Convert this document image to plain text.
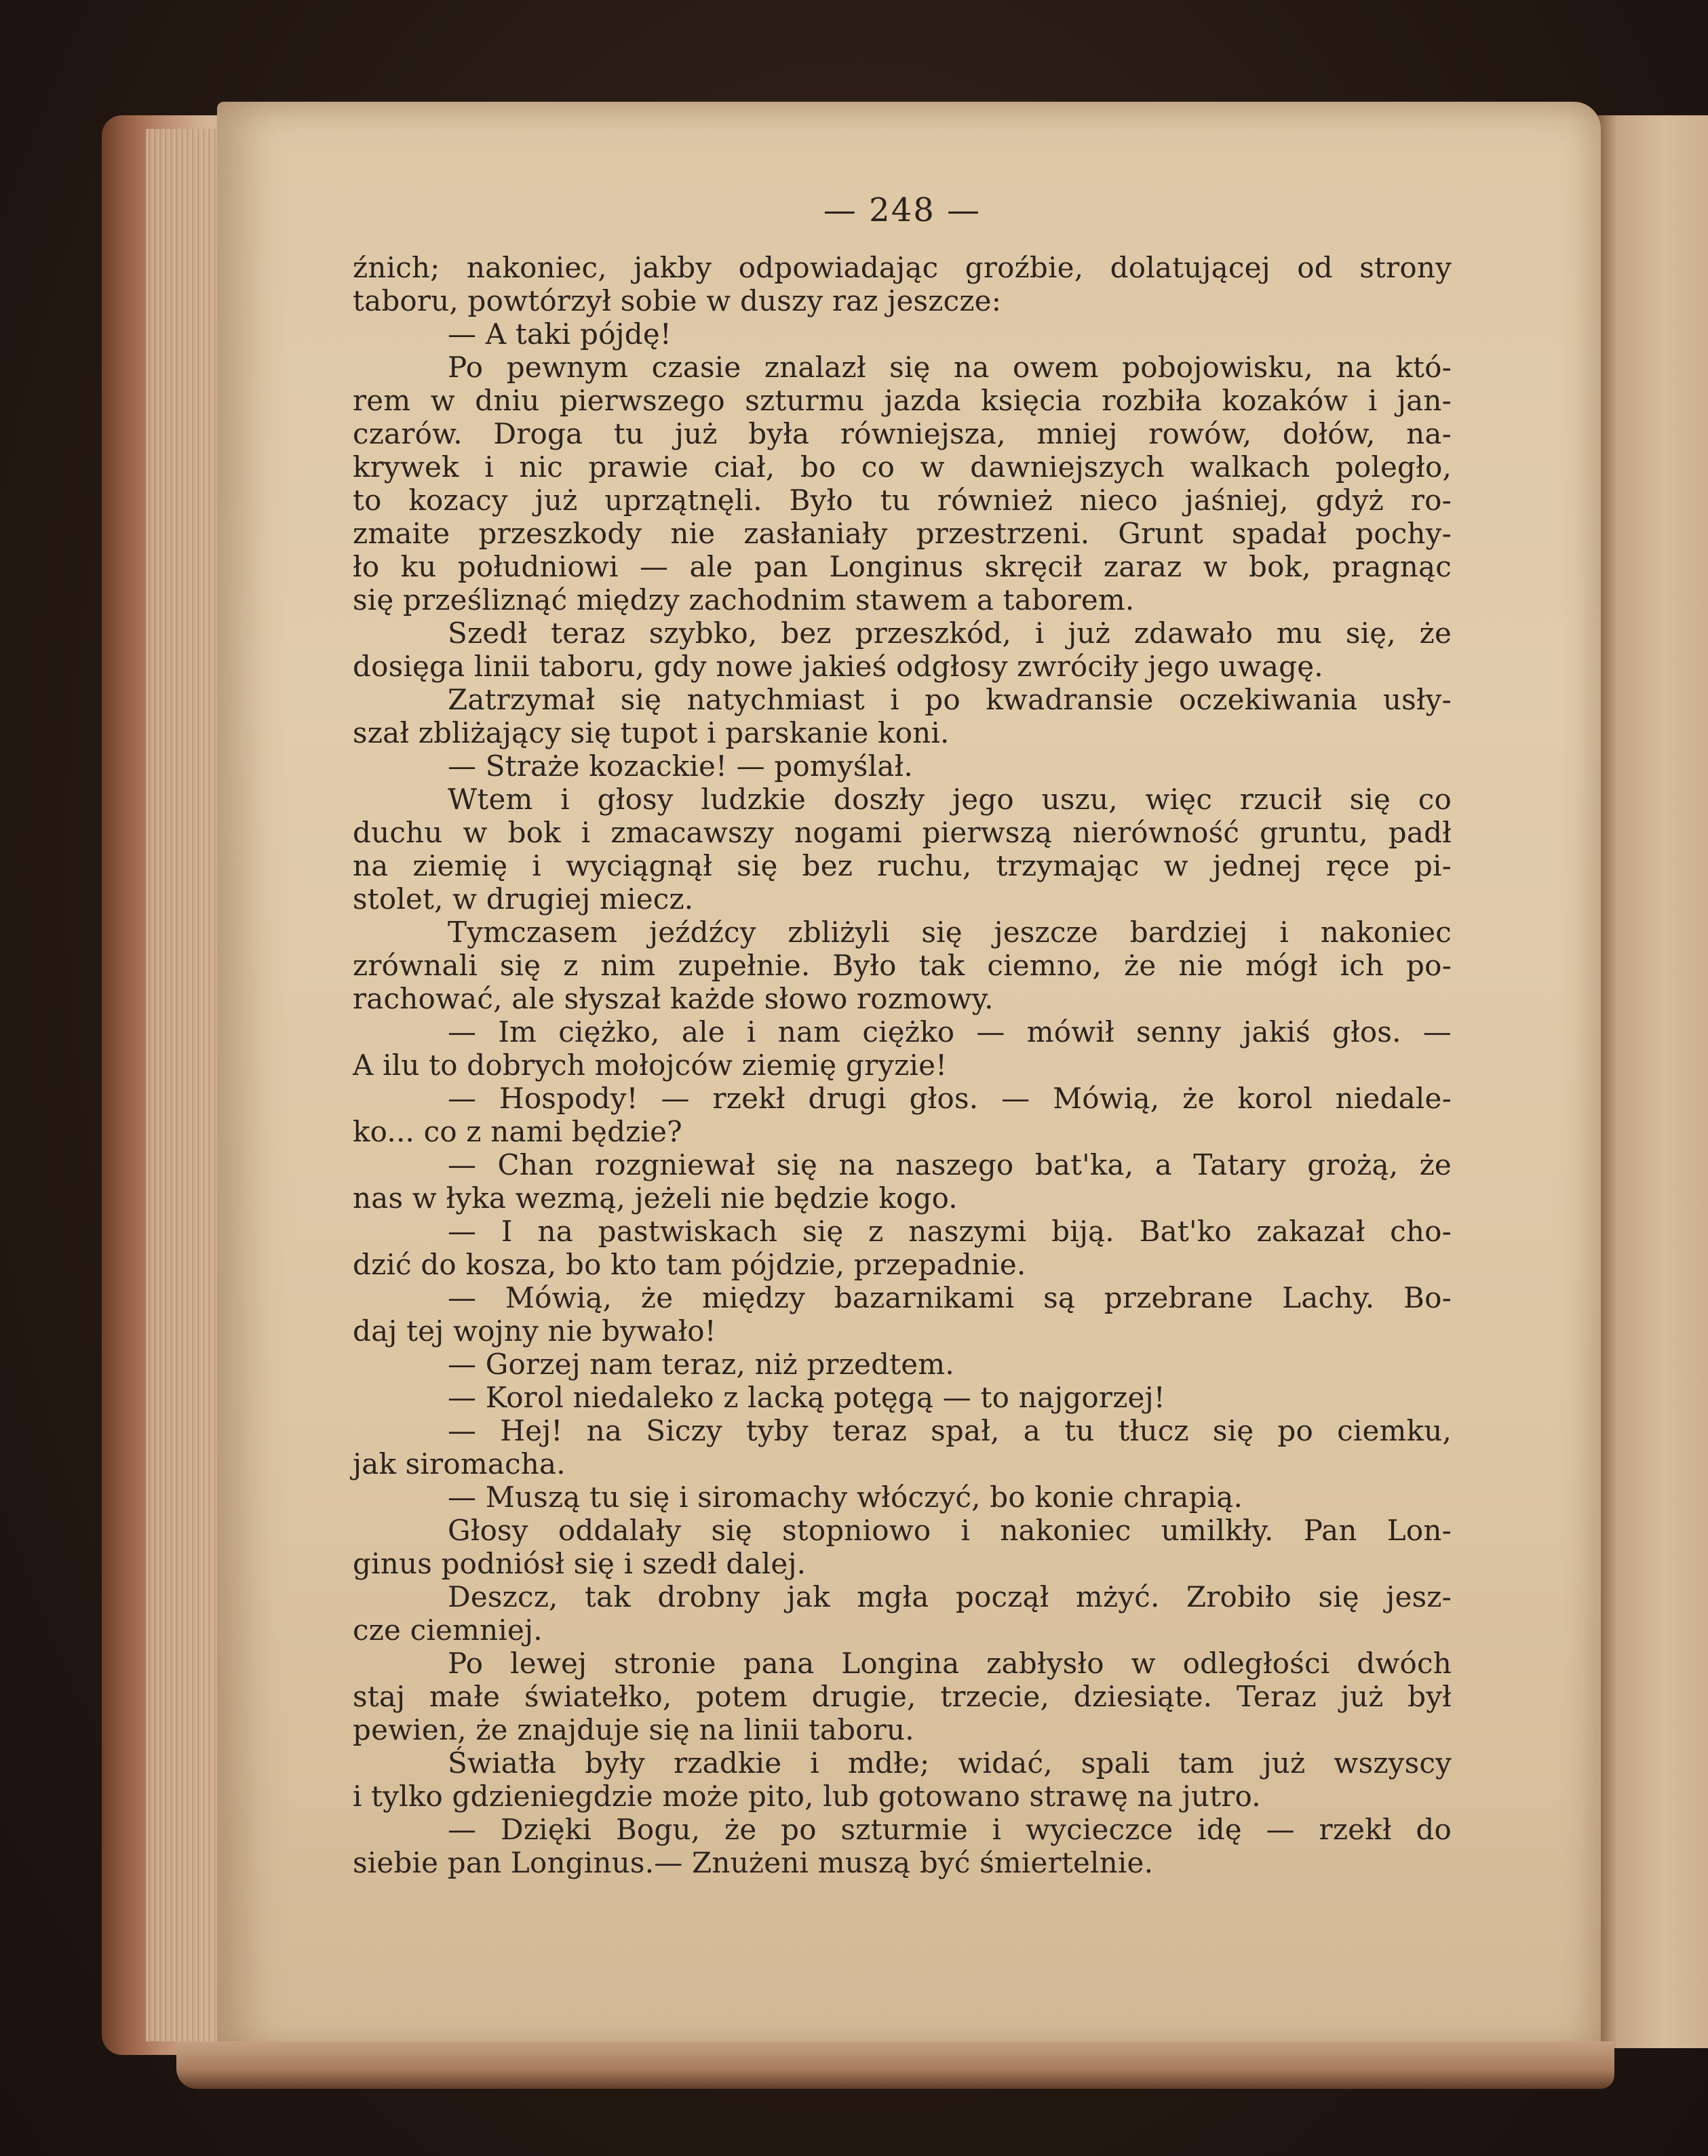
— 248 —
źnich; nakoniec, jakby odpowiadając groźbie, dolatującej od strony
taboru, powtórzył sobie w duszy raz jeszcze:
— A taki pójdę!
Po pewnym czasie znalazł się na owem pobojowisku, na któ-
rem w dniu pierwszego szturmu jazda księcia rozbiła kozaków i jan-
czarów. Droga tu już była równiejsza, mniej rowów, dołów, na-
krywek i nic prawie ciał, bo co w dawniejszych walkach poległo,
to kozacy już uprzątnęli. Było tu również nieco jaśniej, gdyż ro-
zmaite przeszkody nie zasłaniały przestrzeni. Grunt spadał pochy-
ło ku południowi — ale pan Longinus skręcił zaraz w bok, pragnąc
się prześliznąć między zachodnim stawem a taborem.
Szedł teraz szybko, bez przeszkód, i już zdawało mu się, że
dosięga linii taboru, gdy nowe jakieś odgłosy zwróciły jego uwagę.
Zatrzymał się natychmiast i po kwadransie oczekiwania usły-
szał zbliżający się tupot i parskanie koni.
— Straże kozackie! — pomyślał.
Wtem i głosy ludzkie doszły jego uszu, więc rzucił się co
duchu w bok i zmacawszy nogami pierwszą nierówność gruntu, padł
na ziemię i wyciągnął się bez ruchu, trzymając w jednej ręce pi-
stolet, w drugiej miecz.
Tymczasem jeźdźcy zbliżyli się jeszcze bardziej i nakoniec
zrównali się z nim zupełnie. Było tak ciemno, że nie mógł ich po-
rachować, ale słyszał każde słowo rozmowy.
— Im ciężko, ale i nam ciężko — mówił senny jakiś głos. —
A ilu to dobrych mołojców ziemię gryzie!
— Hospody! — rzekł drugi głos. — Mówią, że korol niedale-
ko... co z nami będzie?
— Chan rozgniewał się na naszego bat'ka, a Tatary grożą, że
nas w łyka wezmą, jeżeli nie będzie kogo.
— I na pastwiskach się z naszymi biją. Bat'ko zakazał cho-
dzić do kosza, bo kto tam pójdzie, przepadnie.
— Mówią, że między bazarnikami są przebrane Lachy. Bo-
daj tej wojny nie bywało!
— Gorzej nam teraz, niż przedtem.
— Korol niedaleko z lacką potęgą — to najgorzej!
— Hej! na Siczy tyby teraz spał, a tu tłucz się po ciemku,
jak siromacha.
— Muszą tu się i siromachy włóczyć, bo konie chrapią.
Głosy oddalały się stopniowo i nakoniec umilkły. Pan Lon-
ginus podniósł się i szedł dalej.
Deszcz, tak drobny jak mgła począł mżyć. Zrobiło się jesz-
cze ciemniej.
Po lewej stronie pana Longina zabłysło w odległości dwóch
staj małe światełko, potem drugie, trzecie, dziesiąte. Teraz już był
pewien, że znajduje się na linii taboru.
Światła były rzadkie i mdłe; widać, spali tam już wszyscy
i tylko gdzieniegdzie może pito, lub gotowano strawę na jutro.
— Dzięki Bogu, że po szturmie i wycieczce idę — rzekł do
siebie pan Longinus.— Znużeni muszą być śmiertelnie.
